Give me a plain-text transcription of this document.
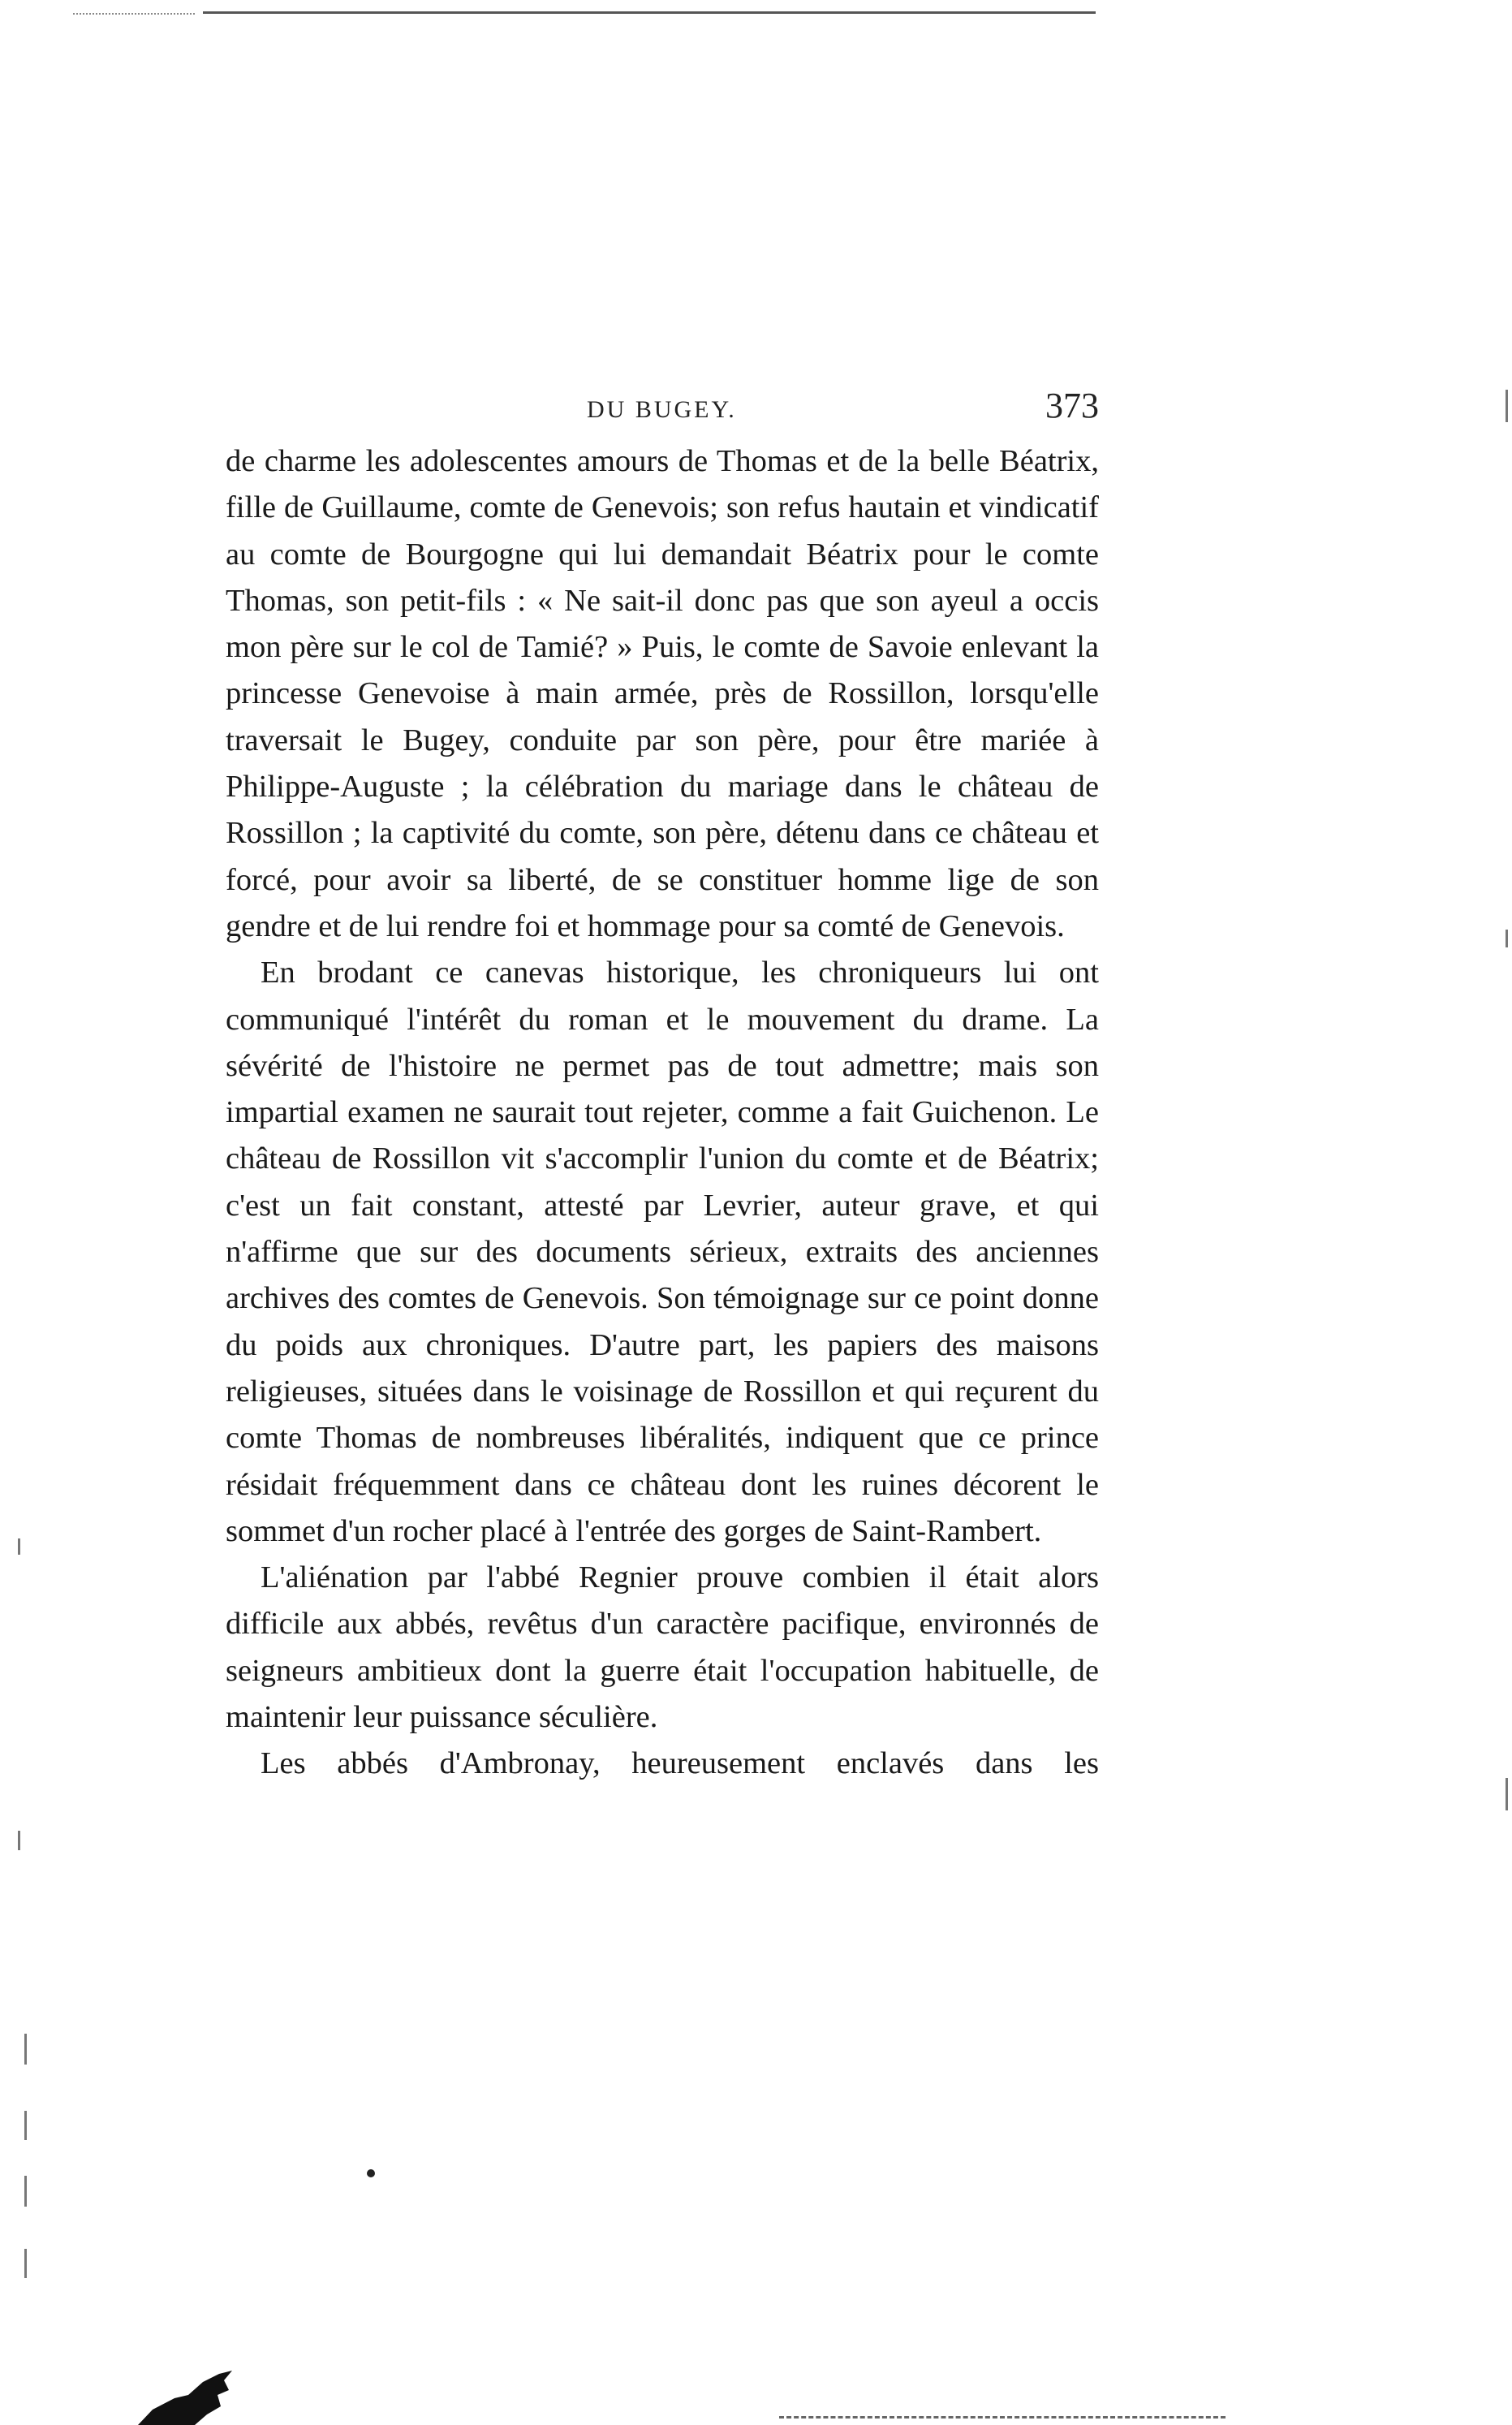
DU BUGEY.	373

de charme les adolescentes amours de Thomas et de la belle Béatrix, fille de Guillaume, comte de Genevois; son refus hautain et vindicatif au comte de Bourgogne qui lui demandait Béatrix pour le comte Thomas, son petit-fils : « Ne sait-il donc pas que son ayeul a occis mon père sur le col de Tamié? » Puis, le comte de Savoie enlevant la princesse Genevoise à main armée, près de Rossillon, lorsqu'elle traversait le Bugey, conduite par son père, pour être mariée à Philippe-Auguste ; la célébration du mariage dans le château de Rossillon ; la captivité du comte, son père, détenu dans ce château et forcé, pour avoir sa liberté, de se constituer homme lige de son gendre et de lui rendre foi et hommage pour sa comté de Genevois.

En brodant ce canevas historique, les chroniqueurs lui ont communiqué l'intérêt du roman et le mouvement du drame. La sévérité de l'histoire ne permet pas de tout admettre; mais son impartial examen ne saurait tout rejeter, comme a fait Guichenon. Le château de Rossillon vit s'accomplir l'union du comte et de Béatrix; c'est un fait constant, attesté par Levrier, auteur grave, et qui n'affirme que sur des documents sérieux, extraits des anciennes archives des comtes de Genevois. Son témoignage sur ce point donne du poids aux chroniques. D'autre part, les papiers des maisons religieuses, situées dans le voisinage de Rossillon et qui reçurent du comte Thomas de nombreuses libéralités, indiquent que ce prince résidait fréquemment dans ce château dont les ruines décorent le sommet d'un rocher placé à l'entrée des gorges de Saint-Rambert.

L'aliénation par l'abbé Regnier prouve combien il était alors difficile aux abbés, revêtus d'un caractère pacifique, environnés de seigneurs ambitieux dont la guerre était l'occupation habituelle, de maintenir leur puissance séculière.

Les abbés d'Ambronay, heureusement enclavés dans les
